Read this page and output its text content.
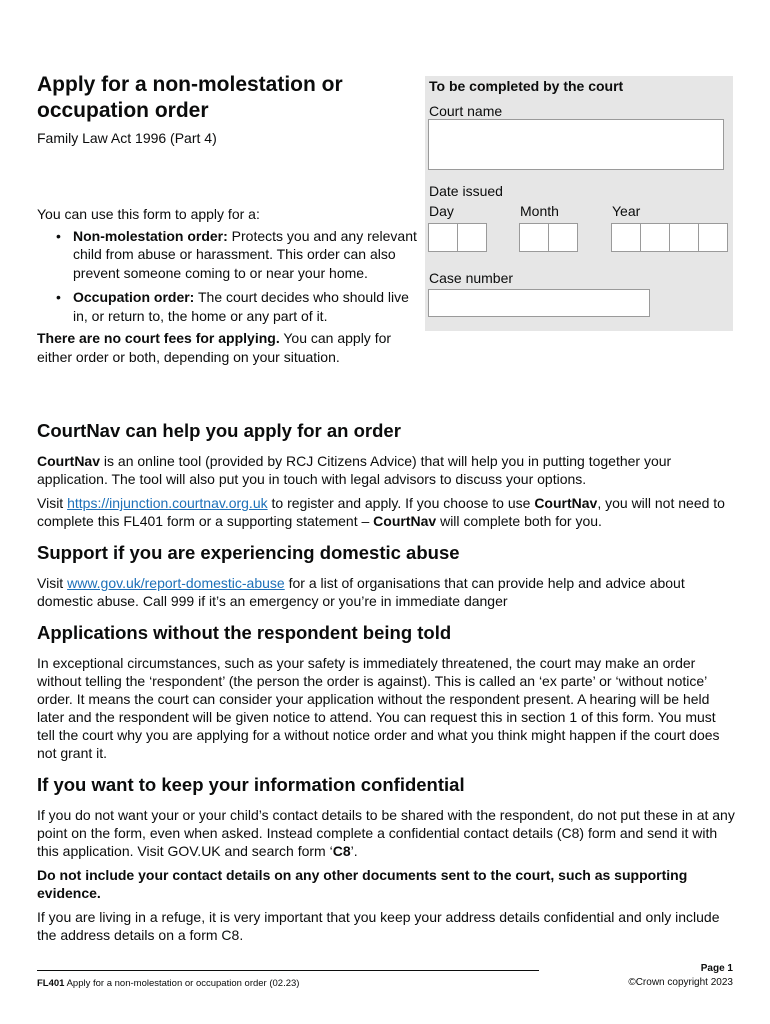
Apply for a non-molestation or occupation order
Family Law Act 1996 (Part 4)

You can use this form to apply for a:

• Non-molestation order: Protects you and any relevant child from abuse or harassment. This order can also prevent someone coming to or near your home.
• Occupation order: The court decides who should live in, or return to, the home or any part of it.

There are no court fees for applying. You can apply for either order or both, depending on your situation.

To be completed by the court
Court name
Date issued
Day	Month	Year
Case number
CourtNav can help you apply for an order

CourtNav is an online tool (provided by RCJ Citizens Advice) that will help you in putting together your application. The tool will also put you in touch with legal advisors to discuss your options.

Visit https://injunction.courtnav.org.uk to register and apply. If you choose to use CourtNav, you will not need to complete this FL401 form or a supporting statement – CourtNav will complete both for you.

Support if you are experiencing domestic abuse

Visit www.gov.uk/report-domestic-abuse for a list of organisations that can provide help and advice about domestic abuse. Call 999 if it’s an emergency or you’re in immediate danger

Applications without the respondent being told

In exceptional circumstances, such as your safety is immediately threatened, the court may make an order without telling the ‘respondent’ (the person the order is against). This is called an ‘ex parte’ or ‘without notice’ order. It means the court can consider your application without the respondent present. A hearing will be held later and the respondent will be given notice to attend. You can request this in section 1 of this form. You must tell the court why you are applying for a without notice order and what you think might happen if the court does not grant it.

If you want to keep your information confidential

If you do not want your or your child’s contact details to be shared with the respondent, do not put these in at any point on the form, even when asked. Instead complete a confidential contact details (C8) form and send it with this application. Visit GOV.UK and search form ‘C8’.

Do not include your contact details on any other documents sent to the court, such as supporting evidence.

If you are living in a refuge, it is very important that you keep your address details confidential and only include the address details on a form C8.

FL401 Apply for a non-molestation or occupation order (02.23)
Page 1
©Crown copyright 2023
